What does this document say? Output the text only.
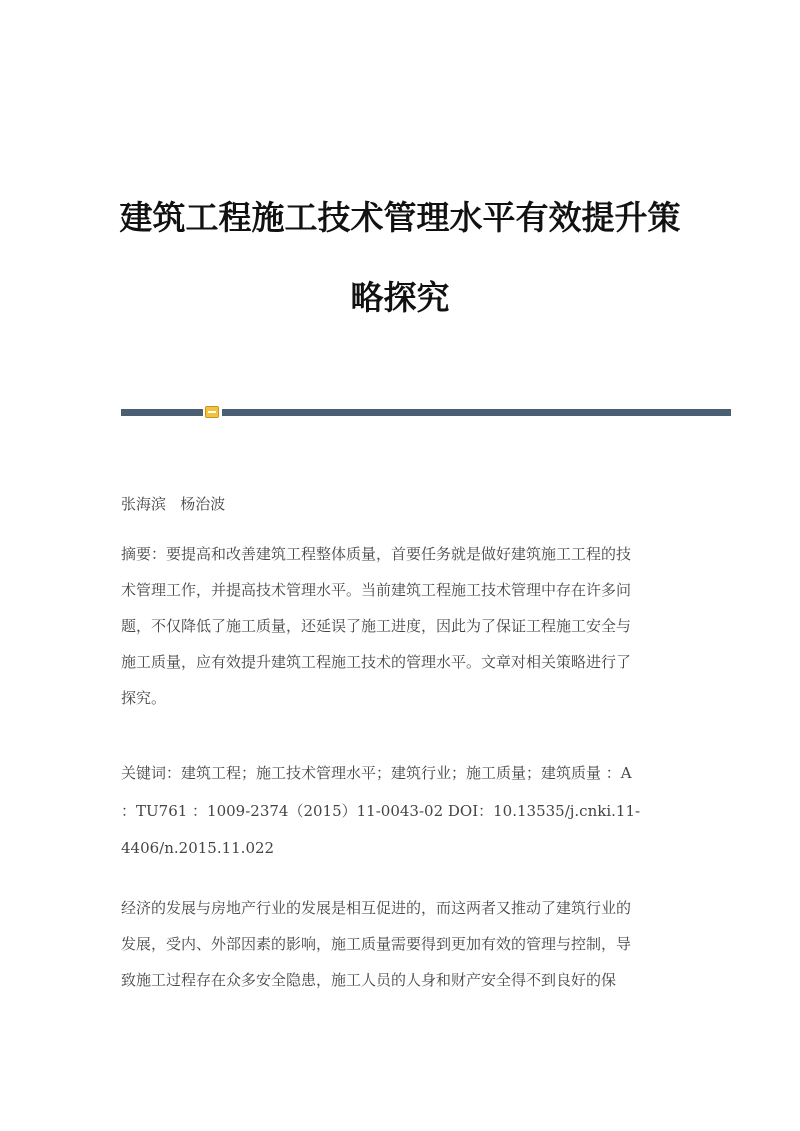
建筑工程施工技术管理水平有效提升策
略探究
张海滨   杨治波
摘要：要提高和改善建筑工程整体质量，首要任务就是做好建筑施工工程的技
术管理工作，并提高技术管理水平。当前建筑工程施工技术管理中存在许多问
题，不仅降低了施工质量，还延误了施工进度，因此为了保证工程施工安全与
施工质量，应有效提升建筑工程施工技术的管理水平。文章对相关策略进行了
探究。
关键词：建筑工程；施工技术管理水平；建筑行业；施工质量；建筑质量 ：A
：TU761 ：1009-2374（2015）11-0043-02 DOI：10.13535/j.cnki.11-
4406/n.2015.11.022
经济的发展与房地产行业的发展是相互促进的，而这两者又推动了建筑行业的
发展，受内、外部因素的影响，施工质量需要得到更加有效的管理与控制，导
致施工过程存在众多安全隐患，施工人员的人身和财产安全得不到良好的保
